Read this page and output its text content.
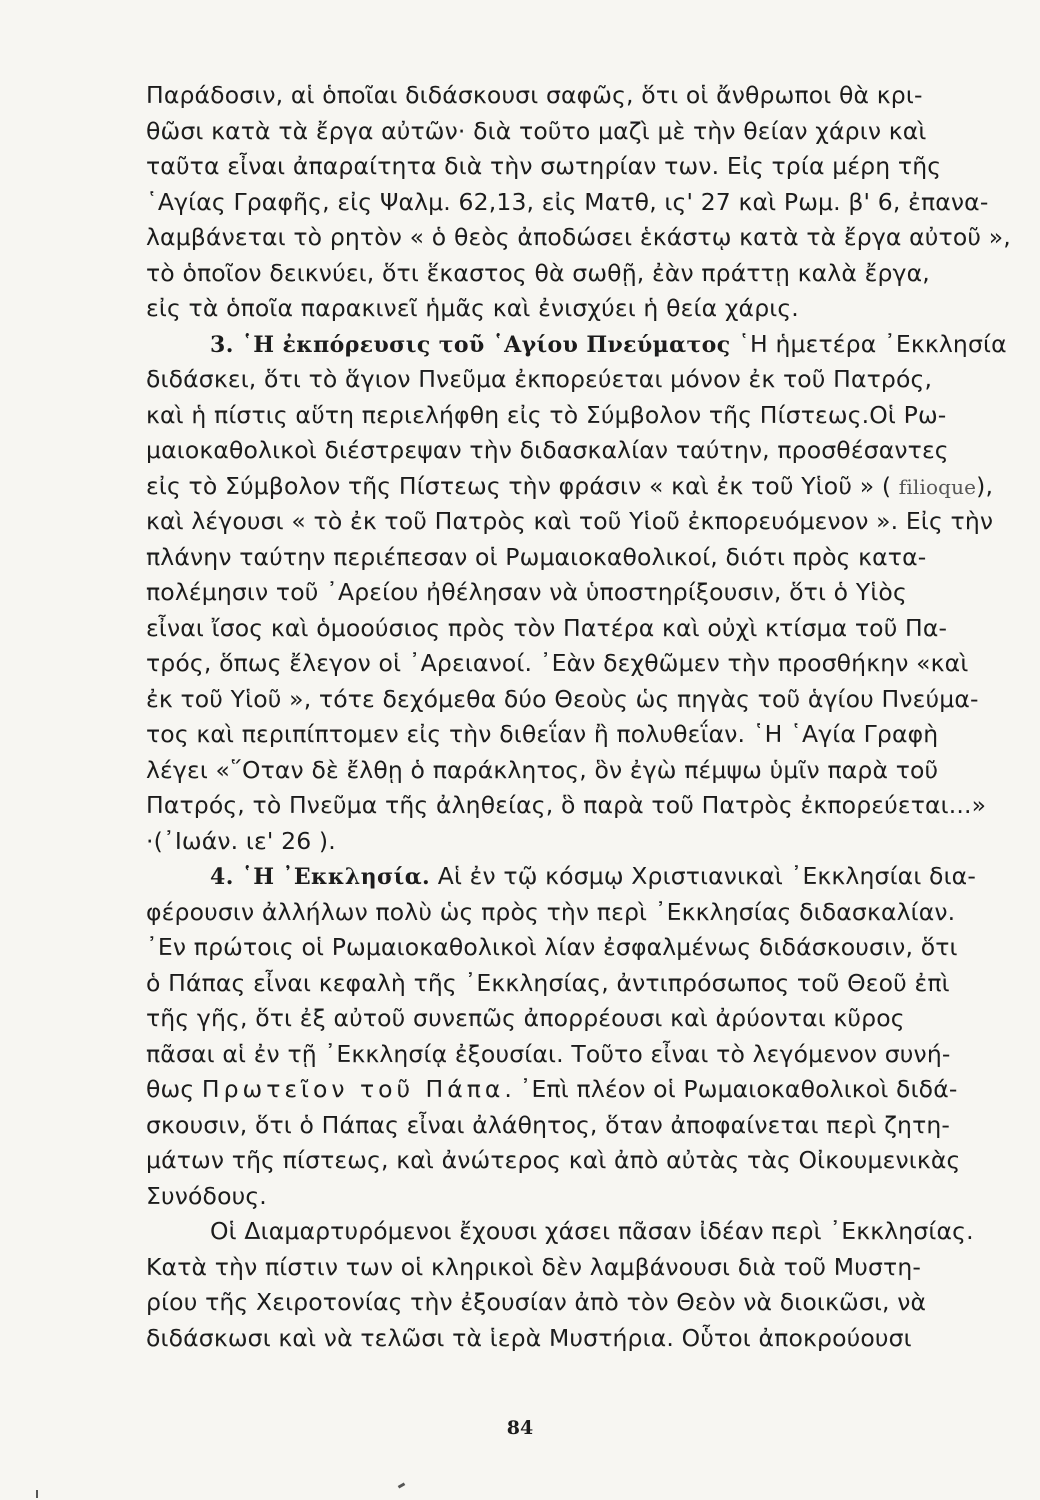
Παράδοσιν, αἱ ὁποῖαι διδάσκουσι σαφῶς, ὅτι οἱ ἄνθρωποι θὰ κρι-
θῶσι κατὰ τὰ ἔργα αὐτῶν· διὰ τοῦτο μαζὶ μὲ τὴν θείαν χάριν καὶ
ταῦτα εἶναι ἀπαραίτητα διὰ τὴν σωτηρίαν των. Εἰς τρία μέρη τῆς
῾Αγίας Γραφῆς, εἰς Ψαλμ. 62,13, εἰς Ματθ, ις' 27 καὶ Ρωμ. β' 6, ἐπανα-
λαμβάνεται τὸ ρητὸν « ὁ θεὸς ἀποδώσει ἑκάστῳ κατὰ τὰ ἔργα αὐτοῦ »,
τὸ ὁποῖον δεικνύει, ὅτι ἕκαστος θὰ σωθῇ, ἐὰν πράττῃ καλὰ ἔργα,
εἰς τὰ ὁποῖα παρακινεῖ ἡμᾶς καὶ ἐνισχύει ἡ θεία χάρις.
3. ῾Η ἐκπόρευσις τοῦ ῾Αγίου Πνεύματος ῾Η ἡμετέρα ᾿Εκκλησία
διδάσκει, ὅτι τὸ ἅγιον Πνεῦμα ἐκπορεύεται μόνον ἐκ τοῦ Πατρός,
καὶ ἡ πίστις αὕτη περιελήφθη εἰς τὸ Σύμβολον τῆς Πίστεως.Οἱ Ρω-
μαιοκαθολικοὶ διέστρεψαν τὴν διδασκαλίαν ταύτην, προσθέσαντες
εἰς τὸ Σύμβολον τῆς Πίστεως τὴν φράσιν « καὶ ἐκ τοῦ Υἱοῦ » ( filioque),
καὶ λέγουσι « τὸ ἐκ τοῦ Πατρὸς καὶ τοῦ Υἱοῦ ἐκπορευόμενον ». Εἰς τὴν
πλάνην ταύτην περιέπεσαν οἱ Ρωμαιοκαθολικοί, διότι πρὸς κατα-
πολέμησιν τοῦ ᾿Αρείου ἠθέλησαν νὰ ὑποστηρίξουσιν, ὅτι ὁ Υἱὸς
εἶναι ἴσος καὶ ὁμοούσιος πρὸς τὸν Πατέρα καὶ οὐχὶ κτίσμα τοῦ Πα-
τρός, ὅπως ἔλεγον οἱ ᾿Αρειανοί. ᾿Εὰν δεχθῶμεν τὴν προσθήκην «καὶ
ἐκ τοῦ Υἱοῦ », τότε δεχόμεθα δύο Θεοὺς ὡς πηγὰς τοῦ ἁγίου Πνεύμα-
τος καὶ περιπίπτομεν εἰς τὴν διθεΐαν ἢ πολυθεΐαν. ῾Η ῾Αγία Γραφὴ
λέγει «῞Οταν δὲ ἔλθῃ ὁ παράκλητος, ὃν ἐγὼ πέμψω ὑμῖν παρὰ τοῦ
Πατρός, τὸ Πνεῦμα τῆς ἀληθείας, ὃ παρὰ τοῦ Πατρὸς ἐκπορεύεται...»
·(᾿Ιωάν. ιε' 26 ).
4. ῾Η ᾿Εκκλησία. Αἱ ἐν τῷ κόσμῳ Χριστιανικαὶ ᾿Εκκλησίαι δια-
φέρουσιν ἀλλήλων πολὺ ὡς πρὸς τὴν περὶ ᾿Εκκλησίας διδασκαλίαν.
᾿Εν πρώτοις οἱ Ρωμαιοκαθολικοὶ λίαν ἐσφαλμένως διδάσκουσιν, ὅτι
ὁ Πάπας εἶναι κεφαλὴ τῆς ᾿Εκκλησίας, ἀντιπρόσωπος τοῦ Θεοῦ ἐπὶ
τῆς γῆς, ὅτι ἐξ αὐτοῦ συνεπῶς ἀπορρέουσι καὶ ἀρύονται κῦρος
πᾶσαι αἱ ἐν τῇ ᾿Εκκλησίᾳ ἐξουσίαι. Τοῦτο εἶναι τὸ λεγόμενον συνή-
θως Πρωτεῖον τοῦ Πάπα. ᾿Επὶ πλέον οἱ Ρωμαιοκαθολικοὶ διδά-
σκουσιν, ὅτι ὁ Πάπας εἶναι ἀλάθητος, ὅταν ἀποφαίνεται περὶ ζητη-
μάτων τῆς πίστεως, καὶ ἀνώτερος καὶ ἀπὸ αὐτὰς τὰς Οἰκουμενικὰς
Συνόδους.
Οἱ Διαμαρτυρόμενοι ἔχουσι χάσει πᾶσαν ἰδέαν περὶ ᾿Εκκλησίας.
Κατὰ τὴν πίστιν των οἱ κληρικοὶ δὲν λαμβάνουσι διὰ τοῦ Μυστη-
ρίου τῆς Χειροτονίας τὴν ἐξουσίαν ἀπὸ τὸν Θεὸν νὰ διοικῶσι, νὰ
διδάσκωσι καὶ νὰ τελῶσι τὰ ἱερὰ Μυστήρια. Οὗτοι ἀποκρούουσι
84
